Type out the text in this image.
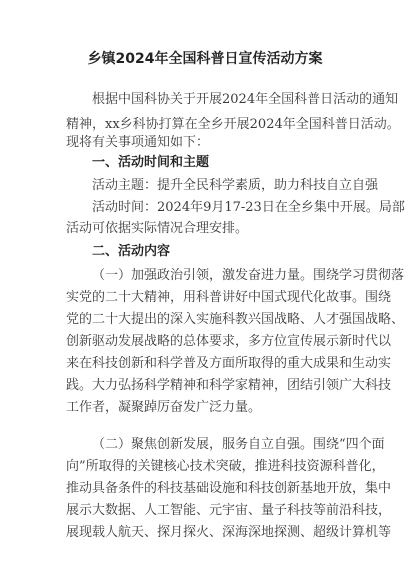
乡镇2024年全国科普日宣传活动方案
根据中国科协关于开展2024年全国科普日活动的通知
精神，xx乡科协打算在全乡开展2024年全国科普日活动。
现将有关事项通知如下：
一、活动时间和主题
活动主题：提升全民科学素质，助力科技自立自强
活动时间：2024年9月17-23日在全乡集中开展。局部
活动可依据实际情况合理安排。
二、活动内容
（一）加强政治引领，激发奋进力量。围绕学习贯彻落
实党的二十大精神，用科普讲好中国式现代化故事。围绕
党的二十大提出的深入实施科教兴国战略、人才强国战略、
创新驱动发展战略的总体要求，多方位宣传展示新时代以
来在科技创新和科学普及方面所取得的重大成果和生动实
践。大力弘扬科学精神和科学家精神，团结引领广大科技
工作者，凝聚踔厉奋发广泛力量。
（二）聚焦创新发展，服务自立自强。围绕“四个面
向”所取得的关键核心技术突破，推进科技资源科普化，
推动具备条件的科技基础设施和科技创新基地开放，集中
展示大数据、人工智能、元宇宙、量子科技等前沿科技，
展现载人航天、探月探火、深海深地探测、超级计算机等
